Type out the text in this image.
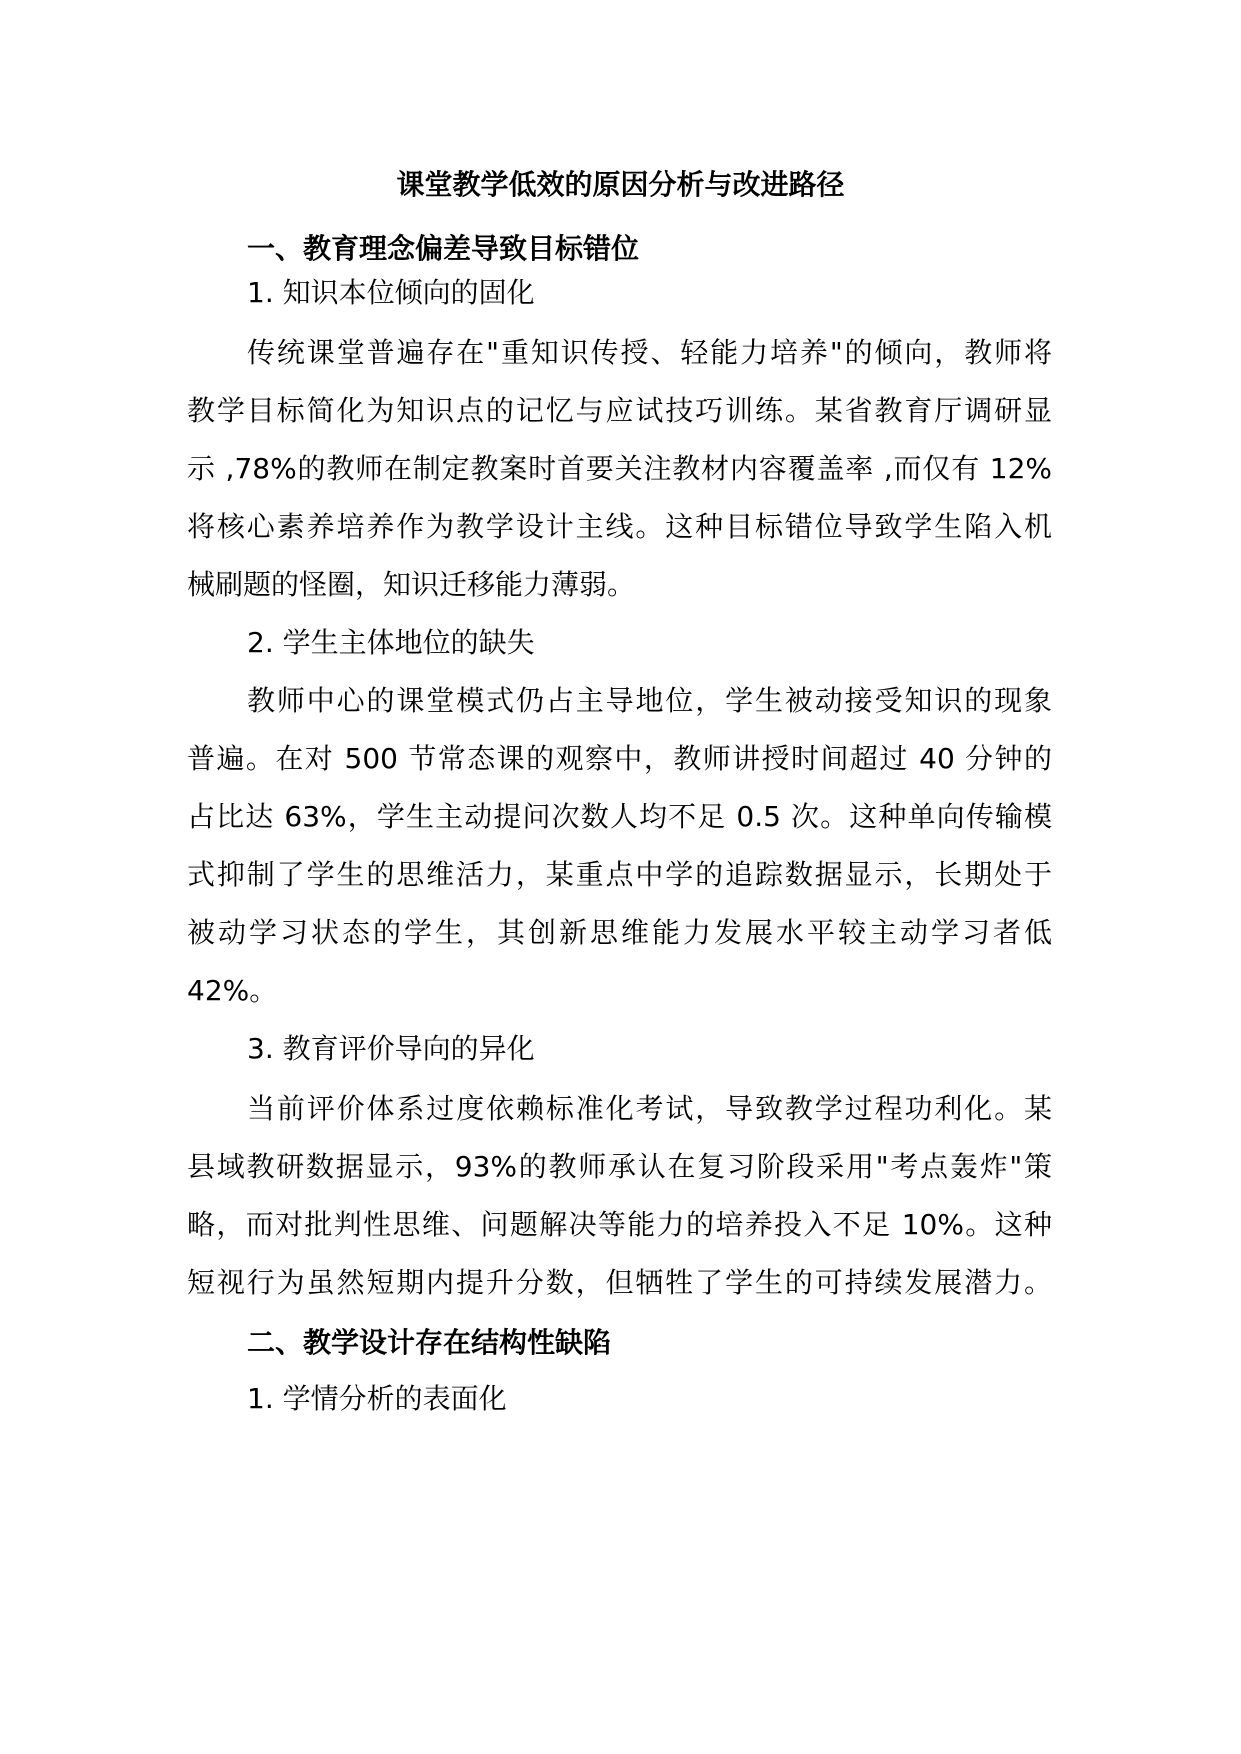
课堂教学低效的原因分析与改进路径
一、教育理念偏差导致目标错位
1. 知识本位倾向的固化
传统课堂普遍存在"重知识传授、轻能力培养"的倾向，教师将
教学目标简化为知识点的记忆与应试技巧训练。某省教育厅调研显
示 ,78%的教师在制定教案时首要关注教材内容覆盖率 ,而仅有 12%
将核心素养培养作为教学设计主线。这种目标错位导致学生陷入机
械刷题的怪圈，知识迁移能力薄弱。
2. 学生主体地位的缺失
教师中心的课堂模式仍占主导地位，学生被动接受知识的现象
普遍。在对 500 节常态课的观察中，教师讲授时间超过 40 分钟的
占比达 63%，学生主动提问次数人均不足 0.5 次。这种单向传输模
式抑制了学生的思维活力，某重点中学的追踪数据显示，长期处于
被动学习状态的学生，其创新思维能力发展水平较主动学习者低
42%。
3. 教育评价导向的异化
当前评价体系过度依赖标准化考试，导致教学过程功利化。某
县域教研数据显示，93%的教师承认在复习阶段采用"考点轰炸"策
略，而对批判性思维、问题解决等能力的培养投入不足 10%。这种
短视行为虽然短期内提升分数，但牺牲了学生的可持续发展潜力。
二、教学设计存在结构性缺陷
1. 学情分析的表面化
